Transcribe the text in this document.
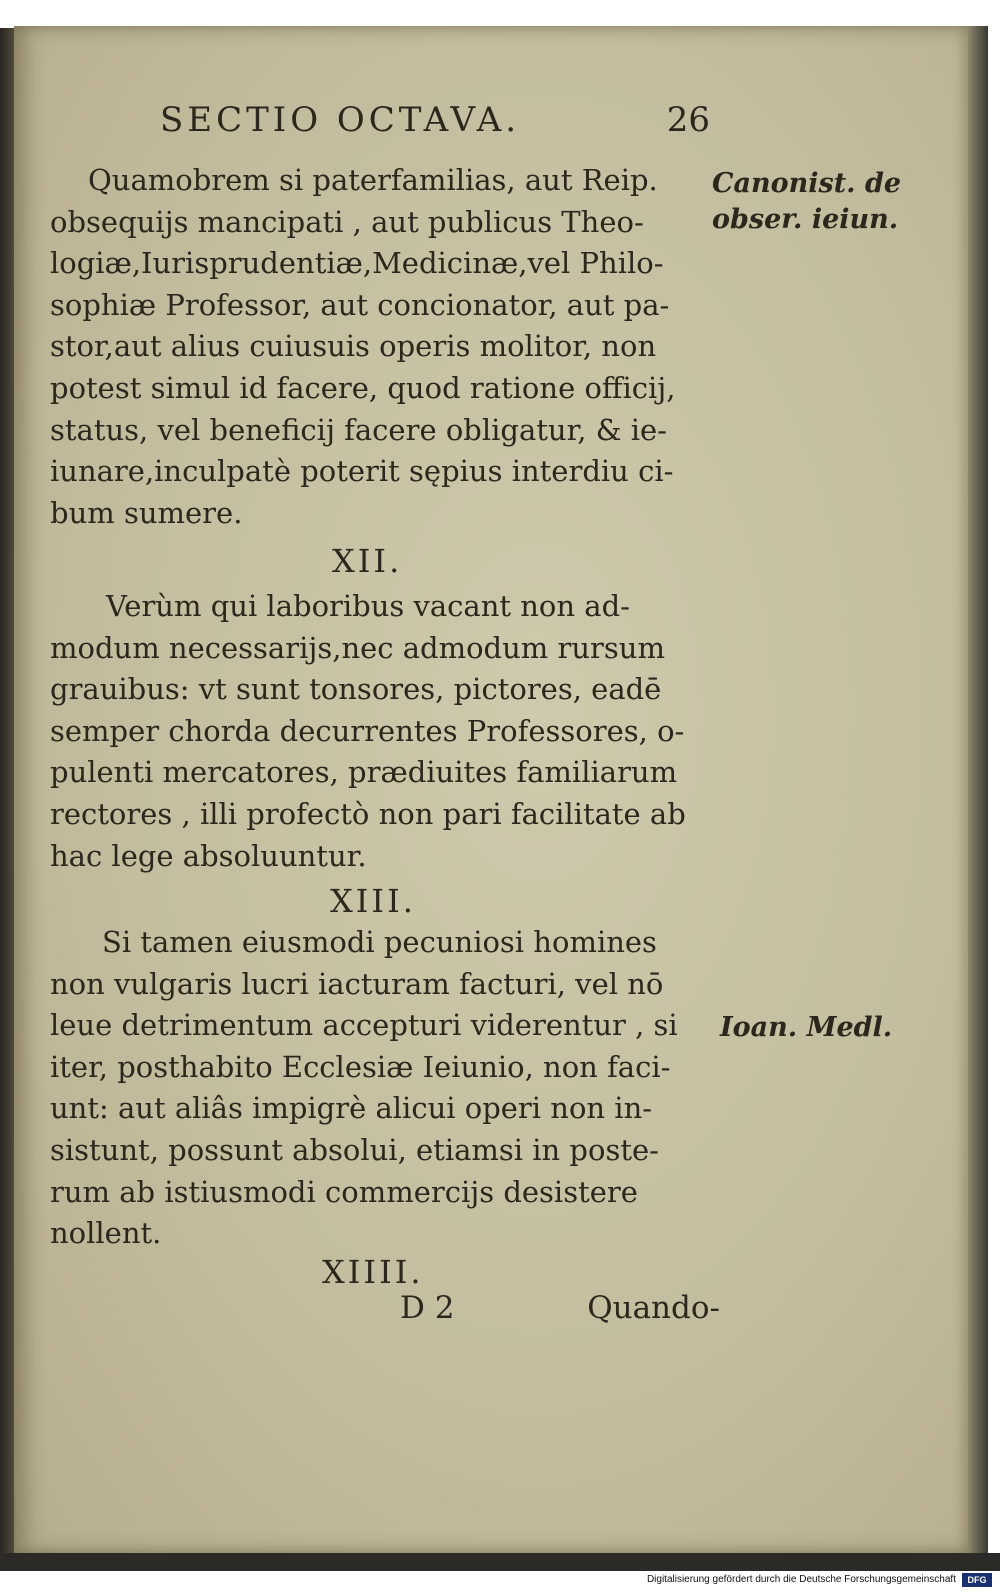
SECTIO OCTAVA.	26
Quamobrem si paterfamilias, aut Reip.
obsequijs mancipati , aut publicus Theo-
logiæ,Iurisprudentiæ,Medicinæ,vel Philo-
sophiæ Professor, aut concionator, aut pa-
stor,aut alius cuiusuis operis molitor, non
potest simul id facere, quod ratione officij,
status, vel beneficij facere obligatur, & ie-
iunare,inculpatè poterit sępius interdiu ci-
bum sumere.
XII.
Verùm qui laboribus vacant non ad-
modum necessarijs,nec admodum rursum
grauibus: vt sunt tonsores, pictores, eadē
semper chorda decurrentes Professores, o-
pulenti mercatores, prædiuites familiarum
rectores , illi profectò non pari facilitate ab
hac lege absoluuntur.
XIII.
Si tamen eiusmodi pecuniosi homines
non vulgaris lucri iacturam facturi, vel nō
leue detrimentum accepturi viderentur , si
iter, posthabito Ecclesiæ Ieiunio, non faci-
unt: aut aliâs impigrè alicui operi non in-
sistunt, possunt absolui, etiamsi in poste-
rum ab istiusmodi commercijs desistere
nollent.
XIIII.
Canonist. de
obser. ieiun.
Ioan. Medl.
D 2	Quando-
Digitalisierung gefördert durch die Deutsche Forschungsgemeinschaft	DFG
